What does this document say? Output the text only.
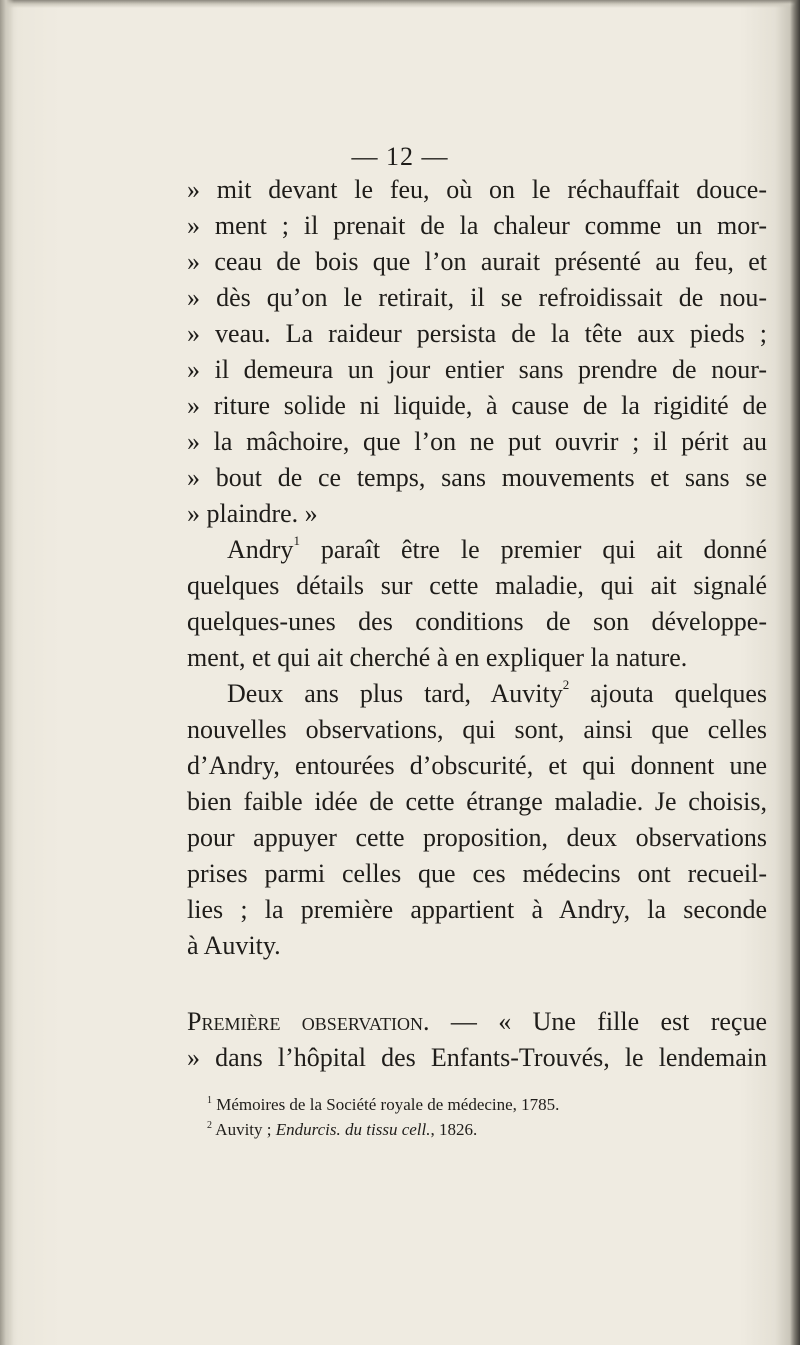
— 12 —
» mit devant le feu, où on le réchauffait douce-
» ment ; il prenait de la chaleur comme un mor-
» ceau de bois que l’on aurait présenté au feu, et
» dès qu’on le retirait, il se refroidissait de nou-
» veau. La raideur persista de la tête aux pieds ;
» il demeura un jour entier sans prendre de nour-
» riture solide ni liquide, à cause de la rigidité de
» la mâchoire, que l’on ne put ouvrir ; il périt au
» bout de ce temps, sans mouvements et sans se
» plaindre. »
Andry$^1$ paraît être le premier qui ait donné
quelques détails sur cette maladie, qui ait signalé
quelques-unes des conditions de son développe-
ment, et qui ait cherché à en expliquer la nature.
Deux ans plus tard, Auvity$^2$ ajouta quelques
nouvelles observations, qui sont, ainsi que celles
d’Andry, entourées d’obscurité, et qui donnent une
bien faible idée de cette étrange maladie. Je choisis,
pour appuyer cette proposition, deux observations
prises parmi celles que ces médecins ont recueil-
lies ; la première appartient à Andry, la seconde
à Auvity.
Première observation. — « Une fille est reçue
» dans l’hôpital des Enfants-Trouvés, le lendemain
$^1$ Mémoires de la Société royale de médecine, 1785.
$^2$ Auvity ; Endurcis. du tissu cell., 1826.
